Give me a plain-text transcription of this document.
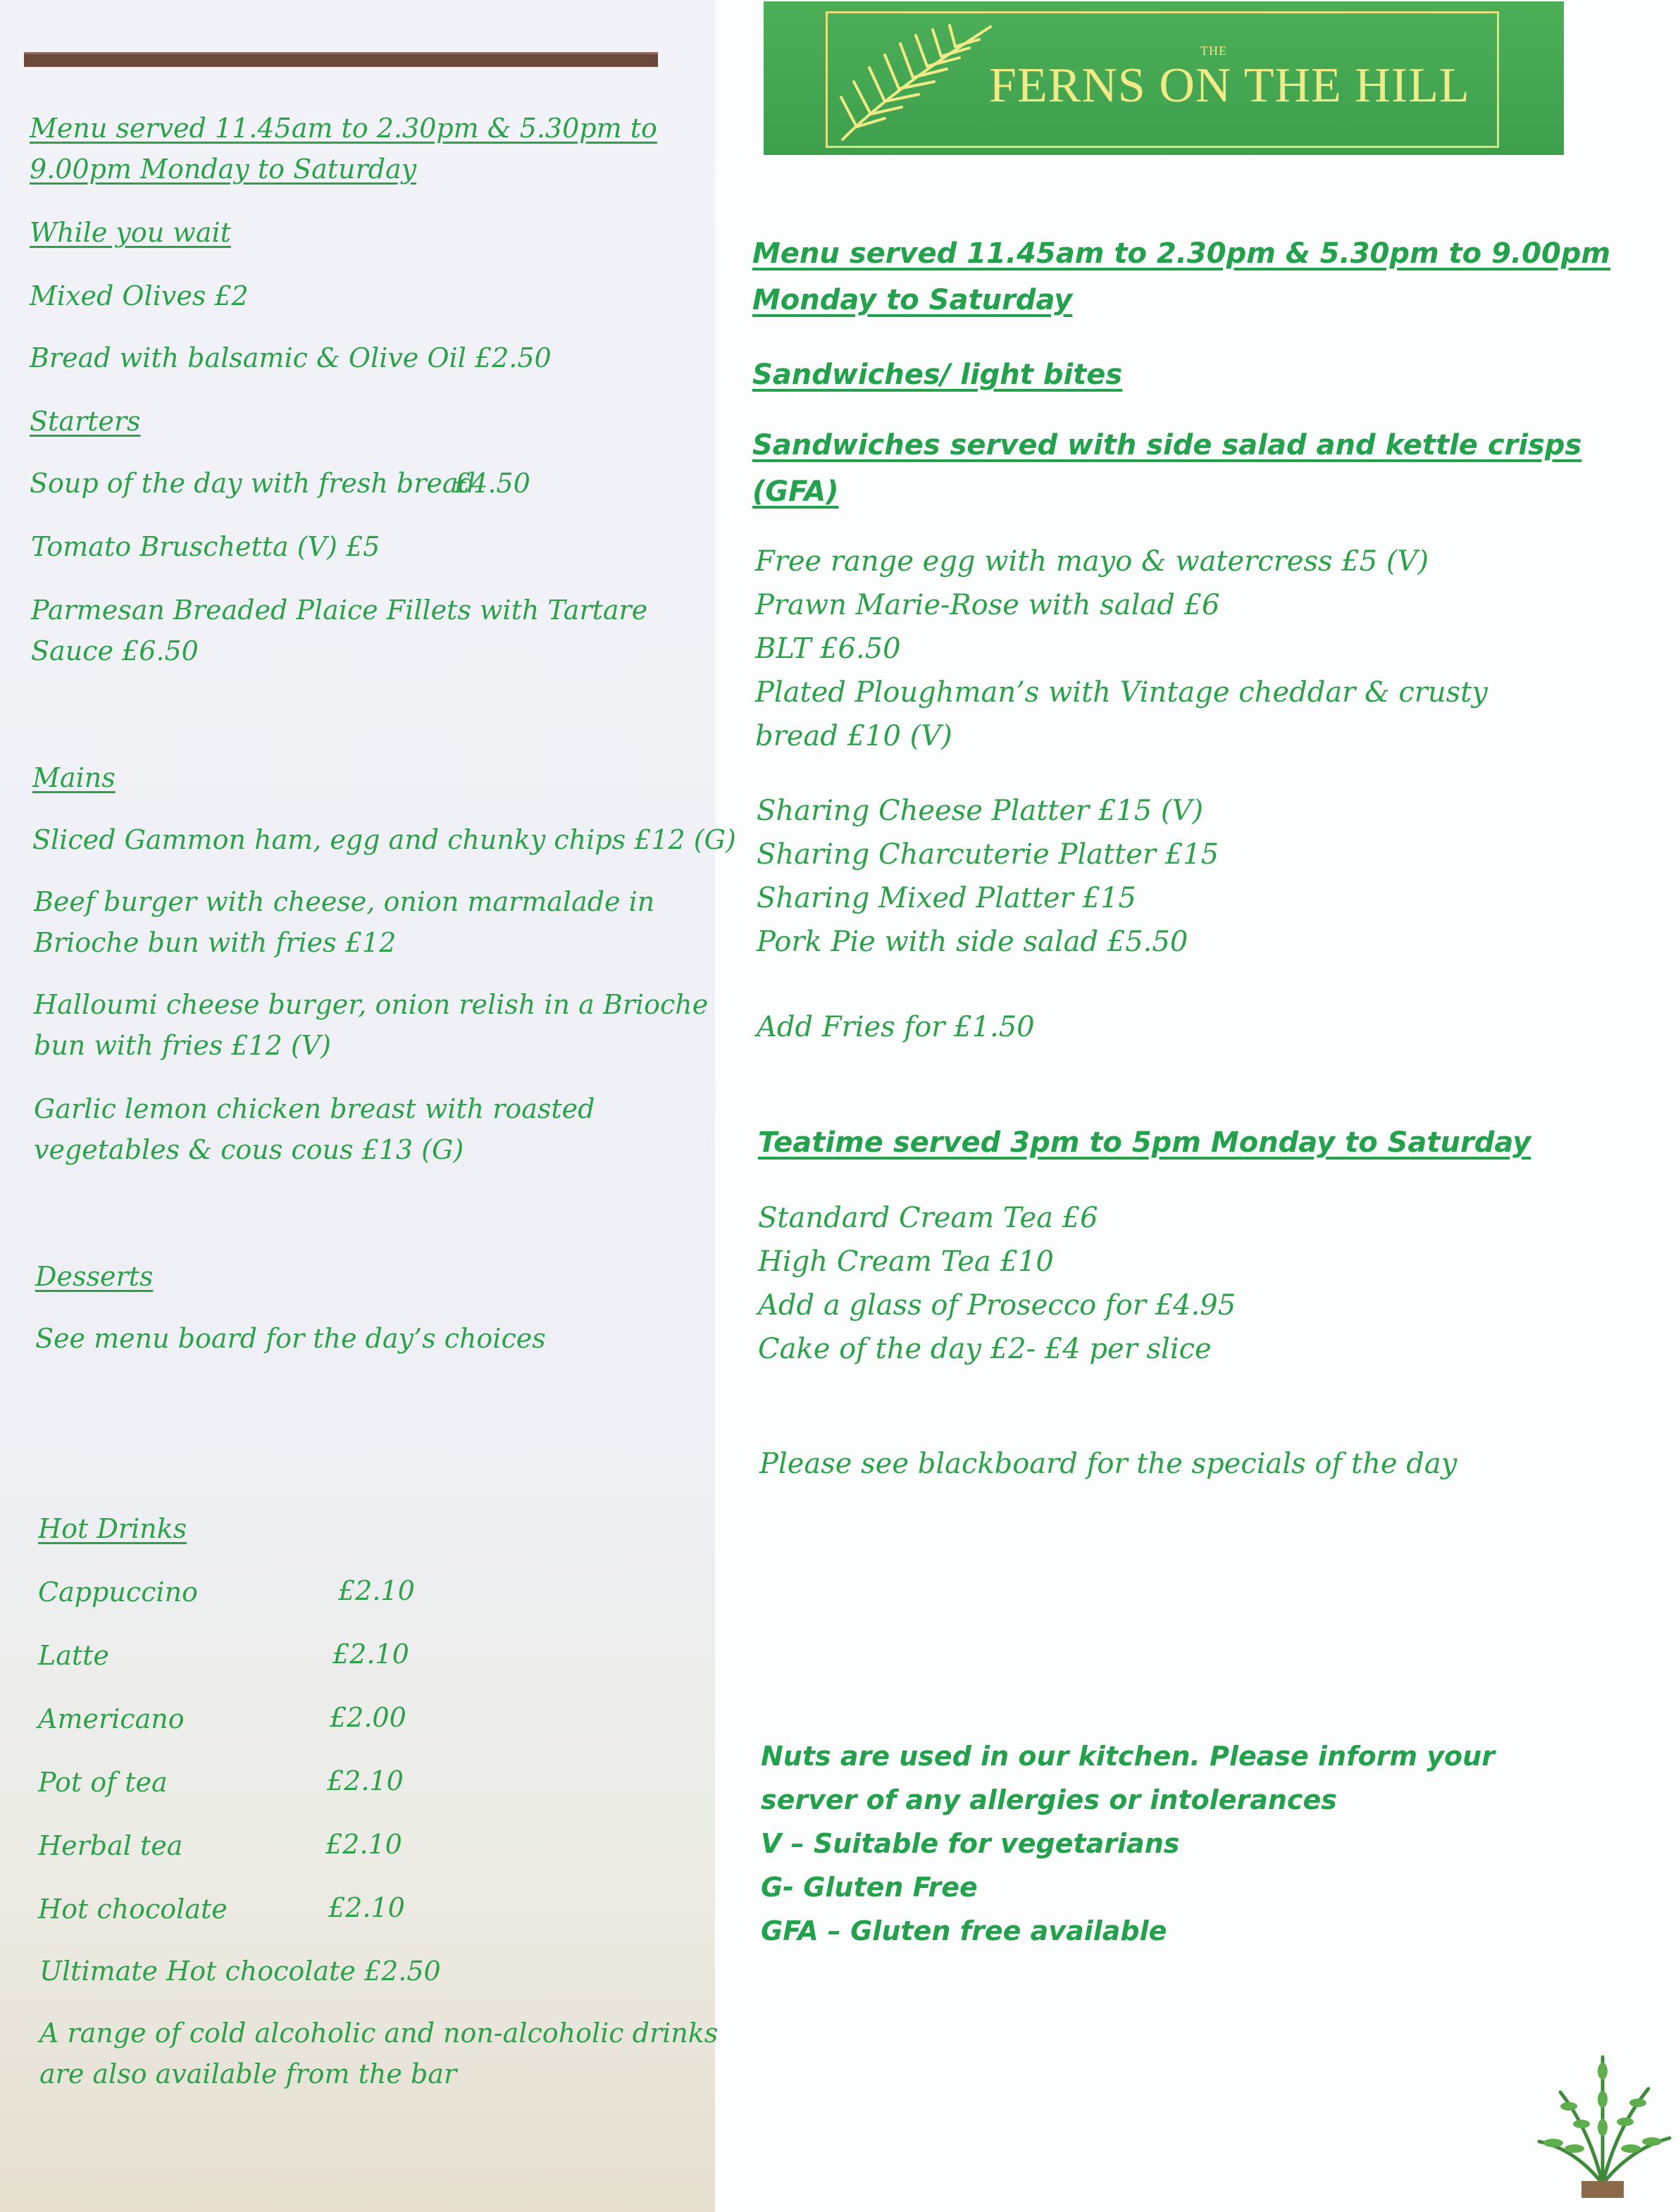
THE

FERNS ON THE HILL

Menu served 11.45am to 2.30pm & 5.30pm to

9.00pm Monday to Saturday

While you wait

Mixed Olives £2

Bread with balsamic & Olive Oil £2.50

Starters

Soup of the day with fresh bread

£4.50

Tomato Bruschetta (V) £5

Parmesan Breaded Plaice Fillets with Tartare

Sauce £6.50

Mains

Sliced Gammon ham, egg and chunky chips £12 (G)

Beef burger with cheese, onion marmalade in

Brioche bun with fries £12

Halloumi cheese burger, onion relish in a Brioche

bun with fries £12 (V)

Garlic lemon chicken breast with roasted

vegetables & cous cous £13 (G)

Desserts

See menu board for the day’s choices

Hot Drinks

Cappuccino	£2.10

Latte	£2.10

Americano	£2.00

Pot of tea	£2.10

Herbal tea	£2.10

Hot chocolate	£2.10

Ultimate Hot chocolate £2.50

A range of cold alcoholic and non-alcoholic drinks

are also available from the bar

Menu served 11.45am to 2.30pm & 5.30pm to 9.00pm

Monday to Saturday

Sandwiches/ light bites

Sandwiches served with side salad and kettle crisps

(GFA)

Free range egg with mayo & watercress £5 (V)
Prawn Marie-Rose with salad £6
BLT £6.50
Plated Ploughman’s with Vintage cheddar & crusty
bread £10 (V)
Sharing Cheese Platter £15 (V)
Sharing Charcuterie Platter £15
Sharing Mixed Platter £15
Pork Pie with side salad £5.50

Add Fries for £1.50

Teatime served 3pm to 5pm Monday to Saturday

Standard Cream Tea £6
High Cream Tea £10
Add a glass of Prosecco for £4.95
Cake of the day £2- £4 per slice

Please see blackboard for the specials of the day

Nuts are used in our kitchen. Please inform your

server of any allergies or intolerances

V – Suitable for vegetarians

G- Gluten Free

GFA – Gluten free available
